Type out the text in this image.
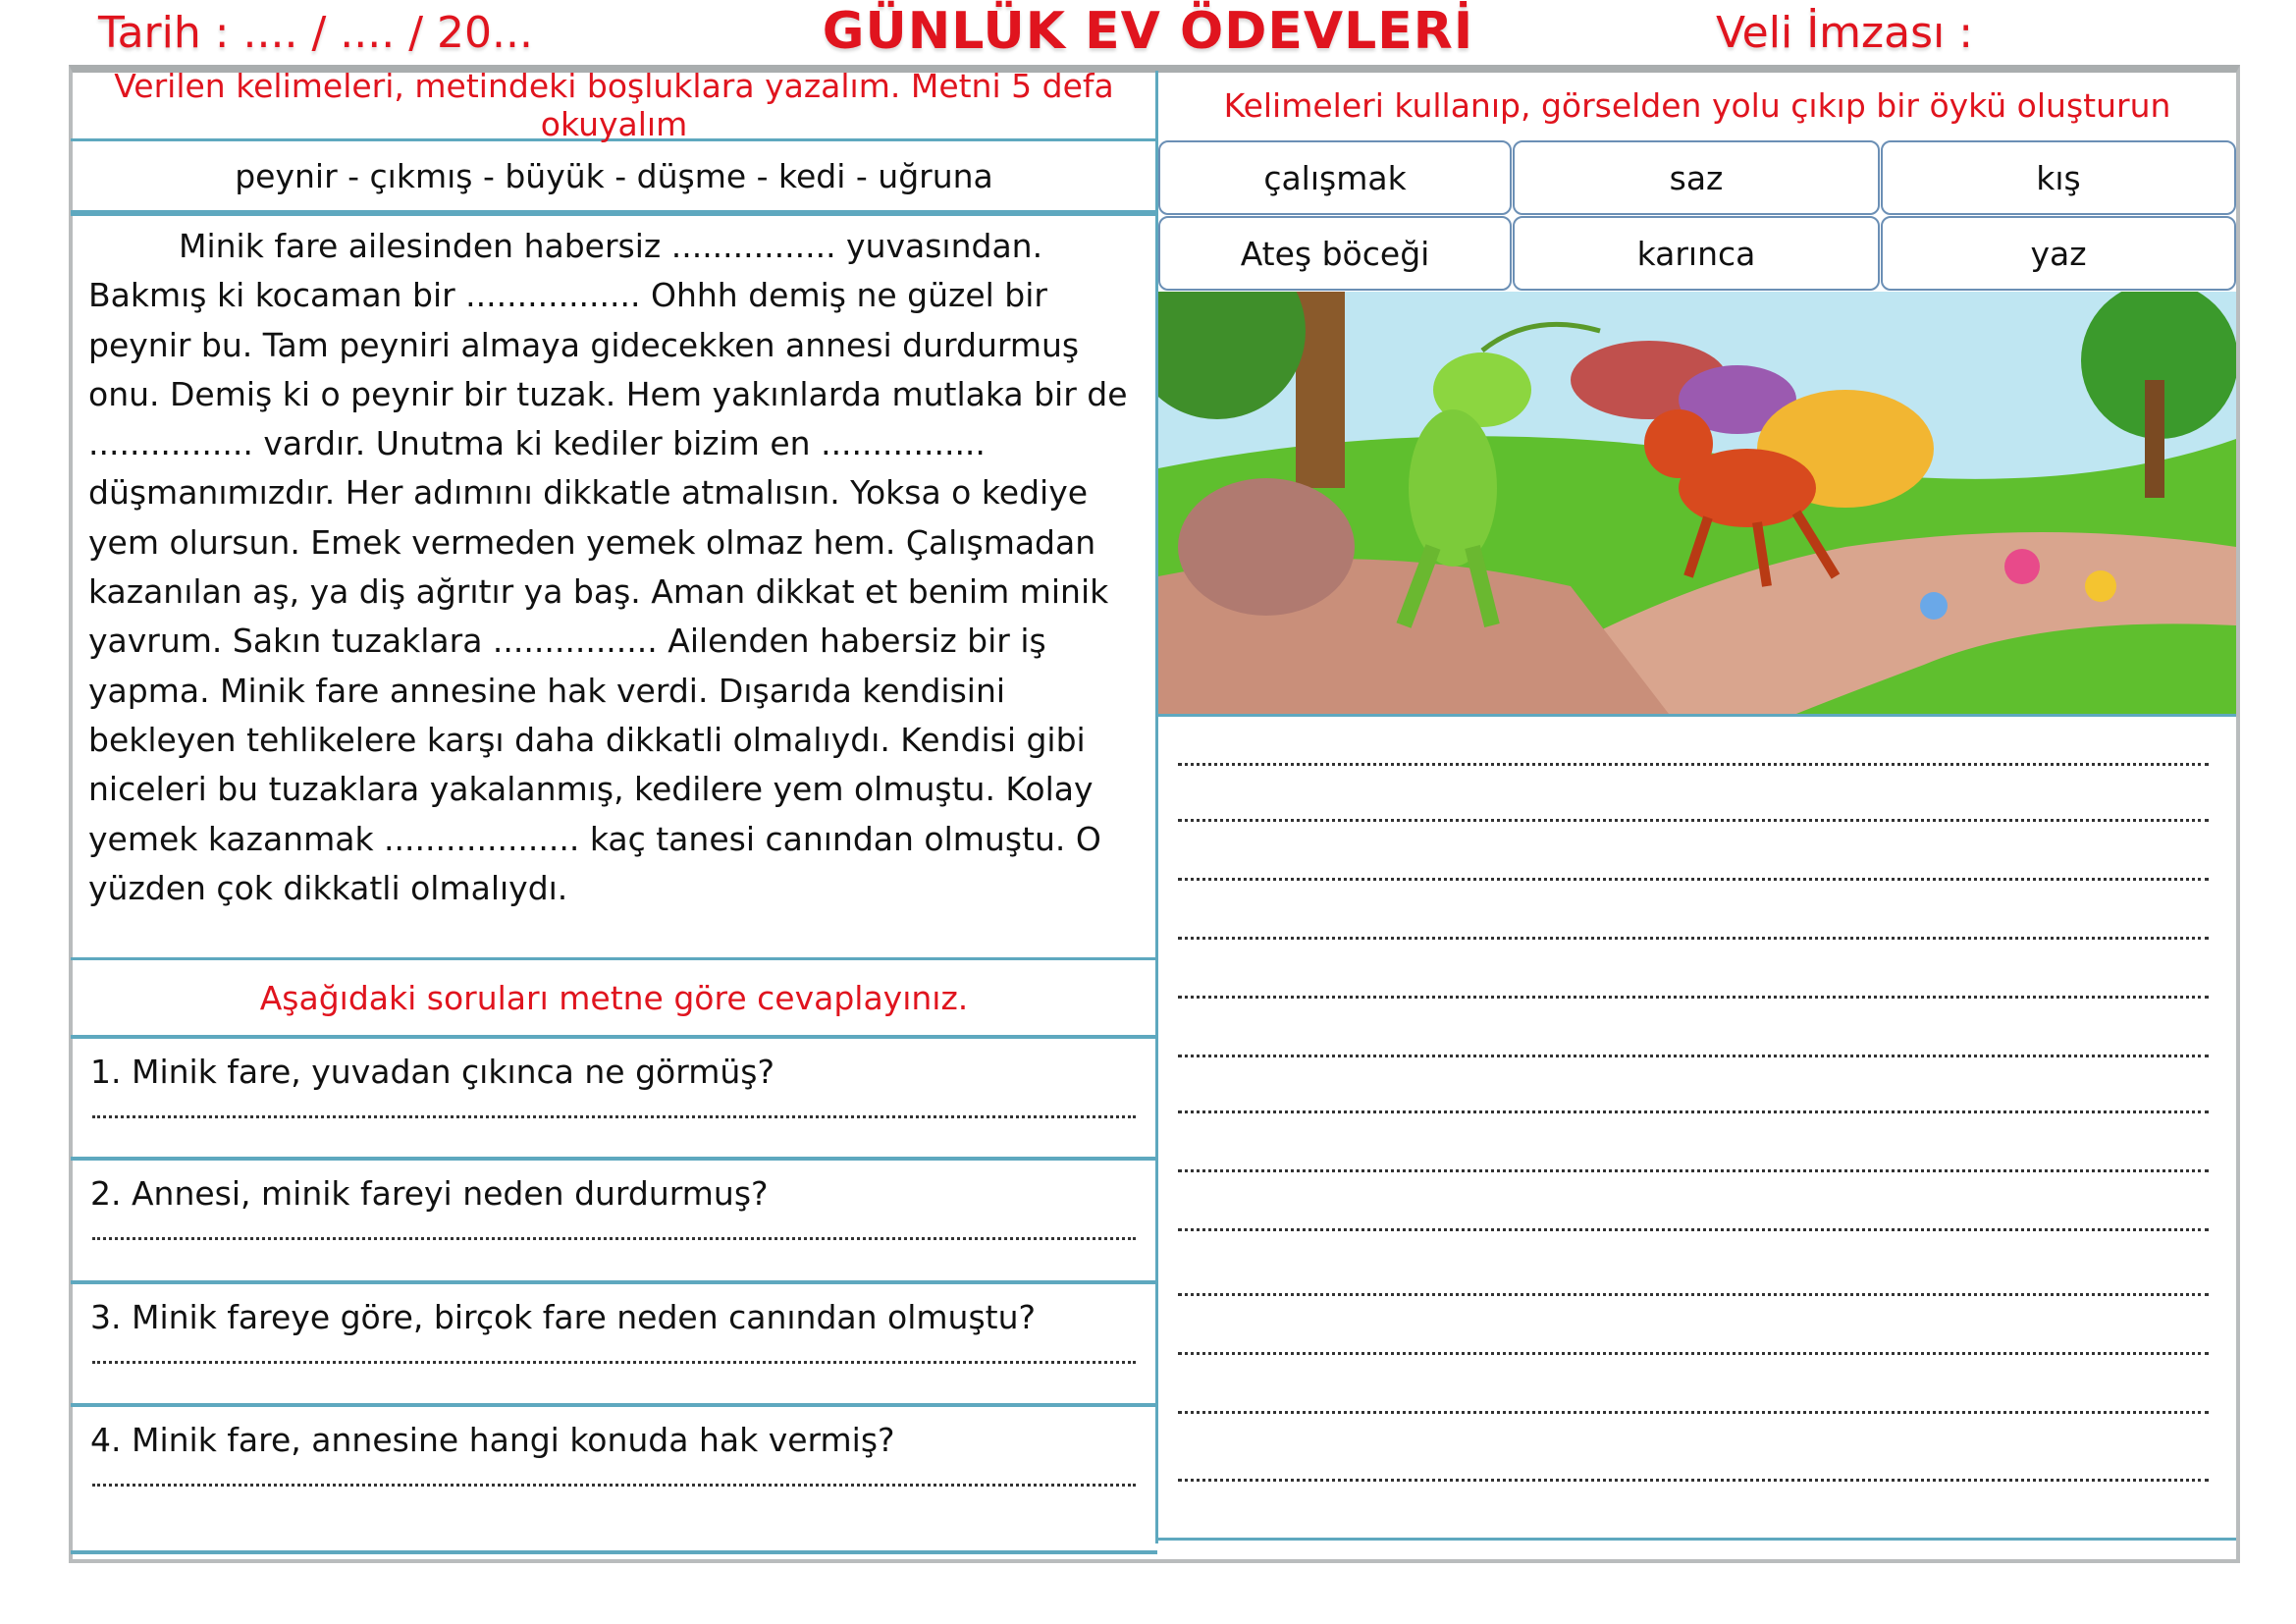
Tarih : .... / .... / 20...	GÜNLÜK EV ÖDEVLERİ	Veli İmzası :
Verilen kelimeleri, metindeki boşluklara yazalım. Metni 5 defa okuyalım
peynir - çıkmış - büyük - düşme - kedi - uğruna
Minik fare ailesinden habersiz ................ yuvasından. Bakmış ki kocaman bir ................. Ohhh demiş ne güzel bir peynir bu. Tam peyniri almaya gidecekken annesi durdurmuş onu. Demiş ki o peynir bir tuzak. Hem yakınlarda mutlaka bir de ................ vardır. Unutma ki kediler bizim en ................ düşmanımızdır. Her adımını dikkatle atmalısın. Yoksa o kediye yem olursun. Emek vermeden yemek olmaz hem. Çalışmadan kazanılan aş, ya diş ağrıtır ya baş. Aman dikkat et benim minik yavrum. Sakın tuzaklara ................ Ailenden habersiz bir iş yapma. Minik fare annesine hak verdi. Dışarıda kendisini bekleyen tehlikelere karşı daha dikkatli olmalıydı. Kendisi gibi niceleri bu tuzaklara yakalanmış, kedilere yem olmuştu. Kolay yemek kazanmak ................... kaç tanesi canından olmuştu. O yüzden çok dikkatli olmalıydı.
Aşağıdaki soruları metne göre cevaplayınız.
1. Minik fare, yuvadan çıkınca ne görmüş?
2. Annesi, minik fareyi neden durdurmuş?
3. Minik fareye göre, birçok fare neden canından olmuştu?
4. Minik fare, annesine hangi konuda hak vermiş?
Kelimeleri kullanıp, görselden yolu çıkıp bir öykü oluşturun
çalışmak	saz	kış
Ateş böceği	karınca	yaz
